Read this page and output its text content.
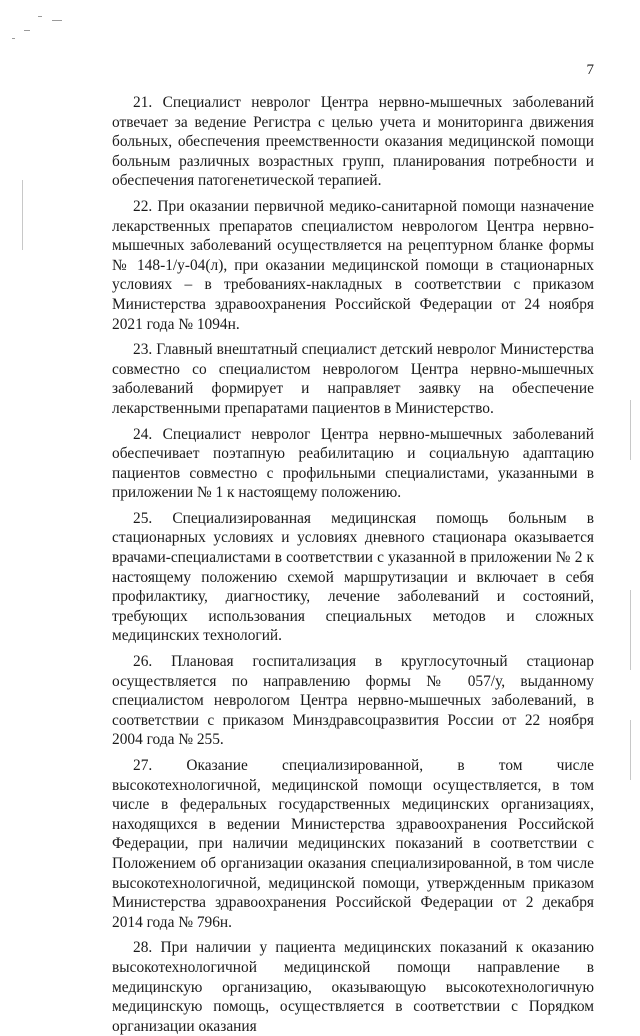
7

21. Специалист невролог Центра нервно-мышечных заболеваний отвечает за ведение Регистра с целью учета и мониторинга движения больных, обеспечения преемственности оказания медицинской помощи больным различных возрастных групп, планирования потребности и обеспечения патогенетической терапией.

22. При оказании первичной медико-санитарной помощи назначение лекарственных препаратов специалистом неврологом Центра нервно-мышечных заболеваний осуществляется на рецептурном бланке формы № 148-1/у-04(л), при оказании медицинской помощи в стационарных условиях – в требованиях-накладных в соответствии с приказом Министерства здравоохранения Российской Федерации от 24 ноября 2021 года № 1094н.

23. Главный внештатный специалист детский невролог Министерства совместно со специалистом неврологом Центра нервно-мышечных заболеваний формирует и направляет заявку на обеспечение лекарственными препаратами пациентов в Министерство.

24. Специалист невролог Центра нервно-мышечных заболеваний обеспечивает поэтапную реабилитацию и социальную адаптацию пациентов совместно с профильными специалистами, указанными в приложении № 1 к настоящему положению.

25. Специализированная медицинская помощь больным в стационарных условиях и условиях дневного стационара оказывается врачами-специалистами в соответствии с указанной в приложении № 2 к настоящему положению схемой маршрутизации и включает в себя профилактику, диагностику, лечение заболеваний и состояний, требующих использования специальных методов и сложных медицинских технологий.

26. Плановая госпитализация в круглосуточный стационар осуществляется по направлению формы № 057/у, выданному специалистом неврологом Центра нервно-мышечных заболеваний, в соответствии с приказом Минздравсоцразвития России от 22 ноября 2004 года № 255.

27. Оказание специализированной, в том числе высокотехнологичной, медицинской помощи осуществляется, в том числе в федеральных государственных медицинских организациях, находящихся в ведении Министерства здравоохранения Российской Федерации, при наличии медицинских показаний в соответствии с Положением об организации оказания специализированной, в том числе высокотехнологичной, медицинской помощи, утвержденным приказом Министерства здравоохранения Российской Федерации от 2 декабря 2014 года № 796н.

28. При наличии у пациента медицинских показаний к оказанию высокотехнологичной медицинской помощи направление в медицинскую организацию, оказывающую высокотехнологичную медицинскую помощь, осуществляется в соответствии с Порядком организации оказания
